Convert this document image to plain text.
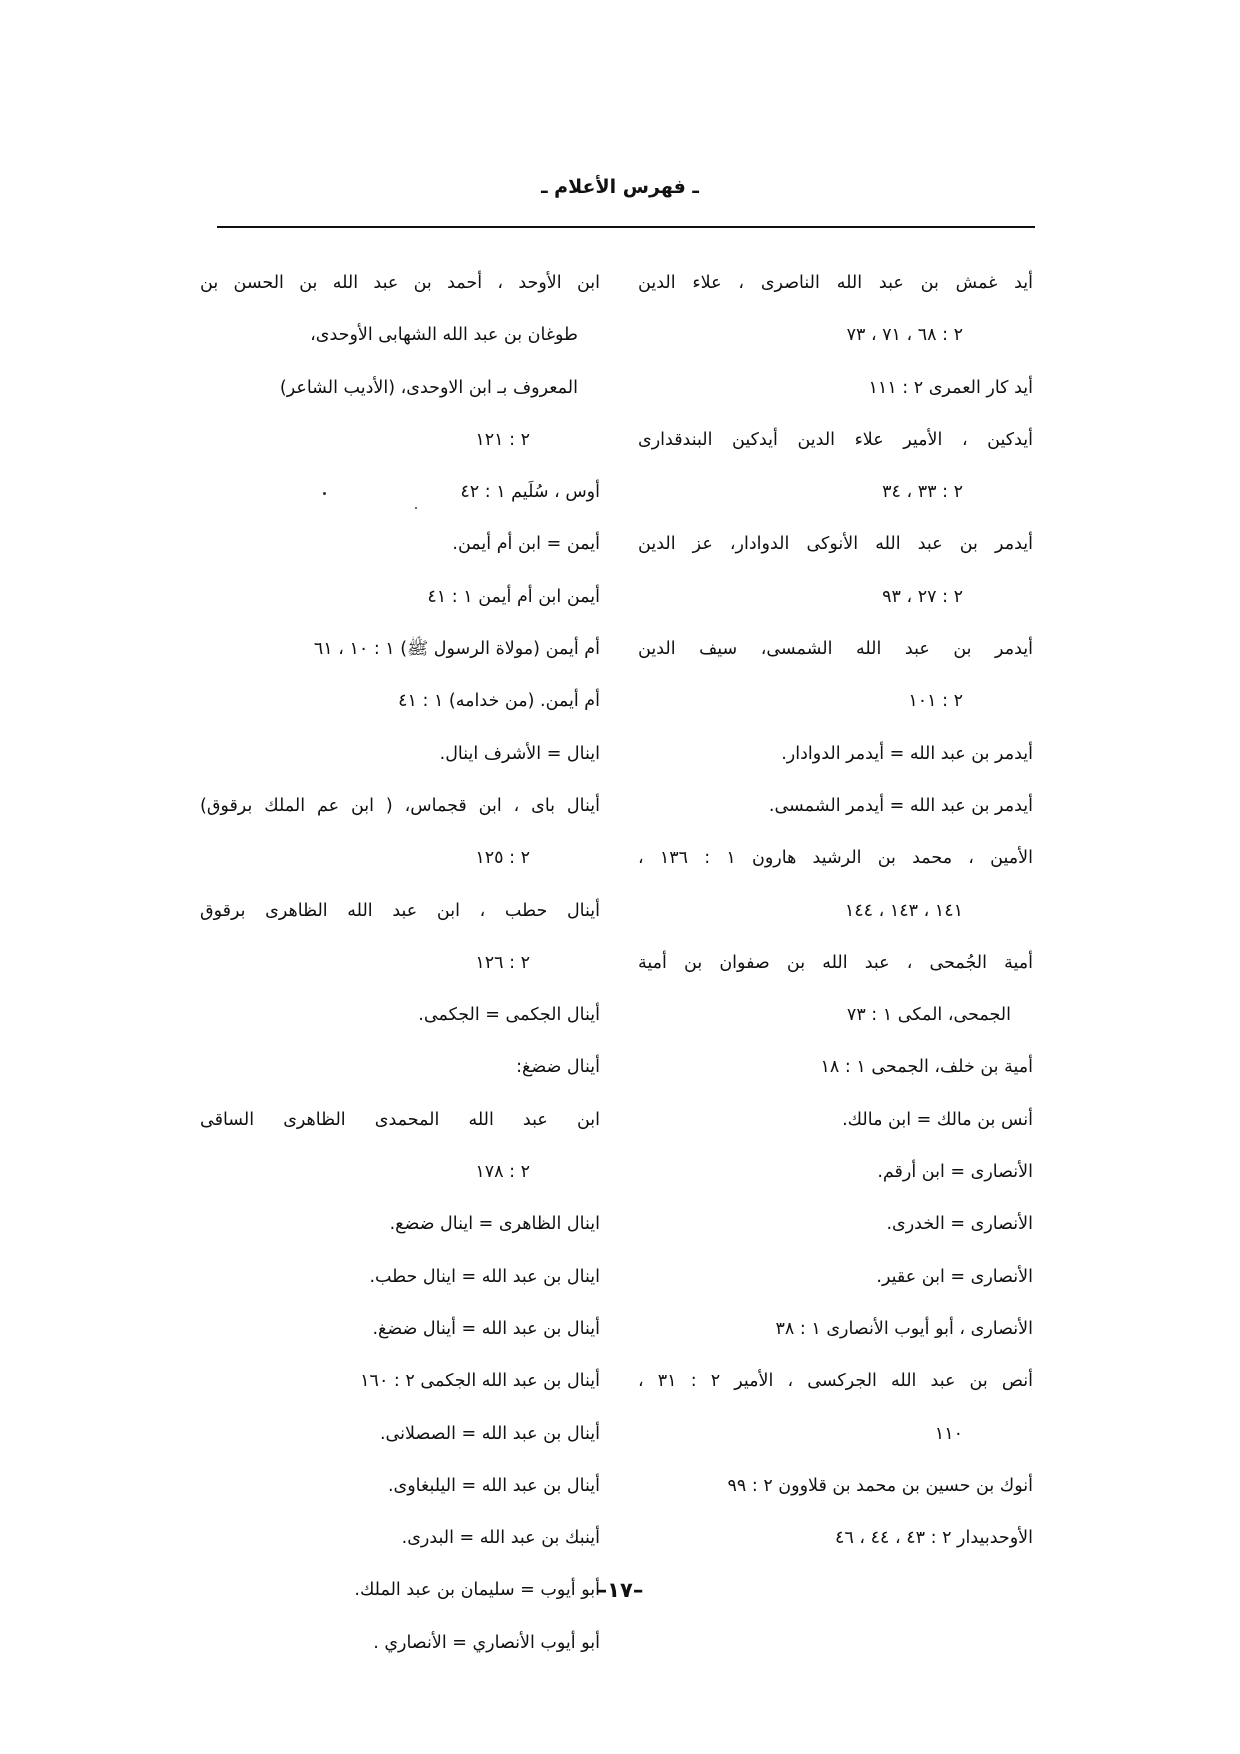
ـ فهرس الأعلام ـ
أيد غمش بن عبد الله الناصرى ، علاء الدين
٢ : ٦٨ ، ٧١ ، ٧٣
أيد كار العمرى ٢ : ١١١
أيدكين ، الأمير علاء الدين أيدكين البندقدارى
٢ : ٣٣ ، ٣٤
أيدمر بن عبد الله الأنوكى الدوادار، عز الدين
٢ : ٢٧ ، ٩٣
أيدمر بن عبد الله الشمسى، سيف الدين
٢ : ١٠١
أيدمر بن عبد الله = أيدمر الدوادار.
أيدمر بن عبد الله = أيدمر الشمسى.
الأمين ، محمد بن الرشيد هارون ١ : ١٣٦ ،
١٤١ ، ١٤٣ ، ١٤٤
أمية الجُمحى ، عبد الله بن صفوان بن أمية
الجمحى، المكى ١ : ٧٣
أمية بن خلف، الجمحى ١ : ١٨
أنس بن مالك = ابن مالك.
الأنصارى = ابن أرقم.
الأنصارى = الخدرى.
الأنصارى = ابن عقير.
الأنصارى ، أبو أيوب الأنصارى ١ : ٣٨
أنص بن عبد الله الجركسى ، الأمير ٢ : ٣١ ،
١١٠
أنوك بن حسين بن محمد بن قلاوون ٢ : ٩٩
الأوحدبيدار ٢ : ٤٣ ، ٤٤ ، ٤٦
ابن الأوحد ، أحمد بن عبد الله بن الحسن بن
طوغان بن عبد الله الشهابى الأوحدى،
المعروف بـ ابن الاوحدى، (الأديب الشاعر)
٢ : ١٢١
أوس ، سُلَيم ١ : ٤٢
أيمن = ابن أم أيمن.
أيمن ابن أم أيمن ١ : ٤١
أم أيمن (مولاة الرسول ﷺ) ١ : ١٠ ، ٦١
أم أيمن. (من خدامه) ١ : ٤١
اينال = الأشرف اينال.
أينال باى ، ابن قجماس، ( ابن عم الملك برقوق)
٢ : ١٢٥
أينال حطب ، ابن عبد الله الظاهرى برقوق
٢ : ١٢٦
أينال الجكمى = الجكمى.
أينال ضضغ:
ابن عبد الله المحمدى الظاهرى الساقى
٢ : ١٧٨
اينال الظاهرى = اينال ضضع.
اينال بن عبد الله = اينال حطب.
أينال بن عبد الله = أينال ضضغ.
أينال بن عبد الله الجكمى ٢ : ١٦٠
أينال بن عبد الله = الصصلانى.
أينال بن عبد الله = اليلبغاوى.
أينبك بن عبد الله = البدرى.
أبو أيوب = سليمان بن عبد الملك.
أبو أيوب الأنصاري = الأنصاري .
–١٧–
